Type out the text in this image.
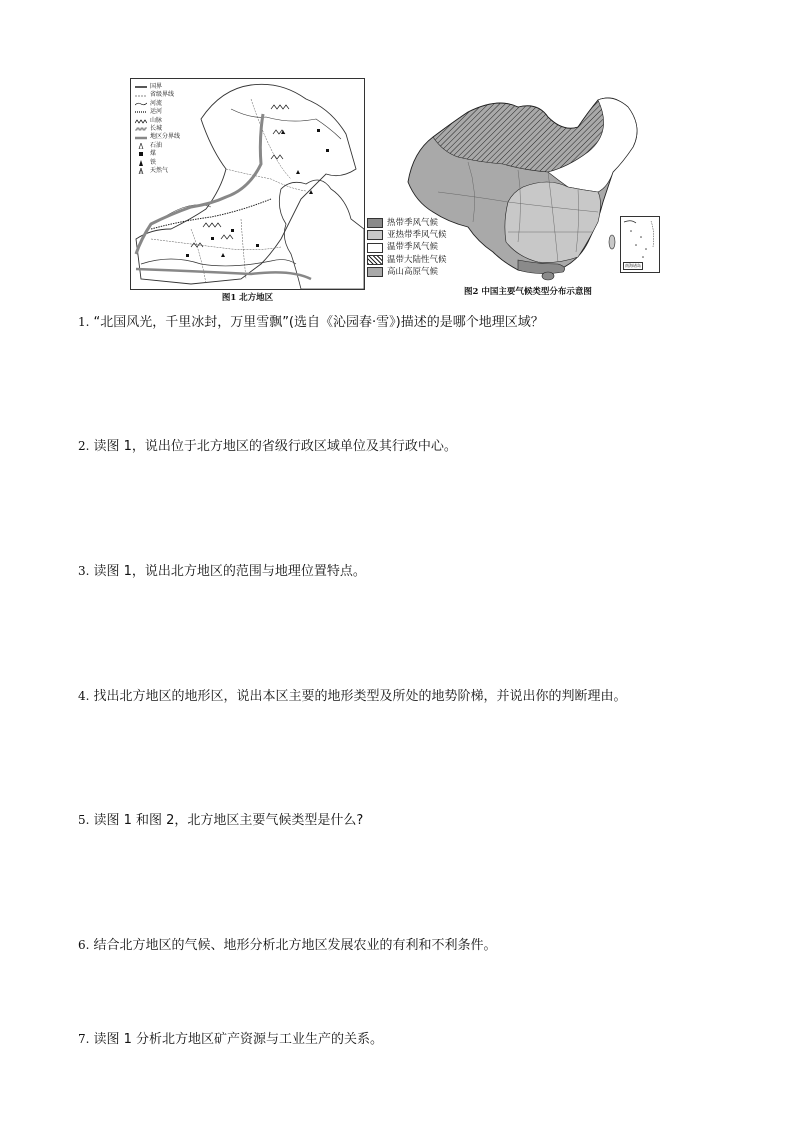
国界
省级界线
河流
运河
山脉
长城
地区分界线
石油
煤
铁
天然气
图1 北方地区
南海诸岛
热带季风气候
亚热带季风气候
温带季风气候
温带大陆性气候
高山高原气候
图2 中国主要气候类型分布示意图
1. “北国风光，千里冰封，万里雪飘”(选自《沁园春·雪》)描述的是哪个地理区域？
2. 读图 1，说出位于北方地区的省级行政区域单位及其行政中心。
3. 读图 1，说出北方地区的范围与地理位置特点。
4. 找出北方地区的地形区，说出本区主要的地形类型及所处的地势阶梯，并说出你的判断理由。
5. 读图 1 和图 2，北方地区主要气候类型是什么?
6. 结合北方地区的气候、地形分析北方地区发展农业的有利和不利条件。
7. 读图 1 分析北方地区矿产资源与工业生产的关系。
